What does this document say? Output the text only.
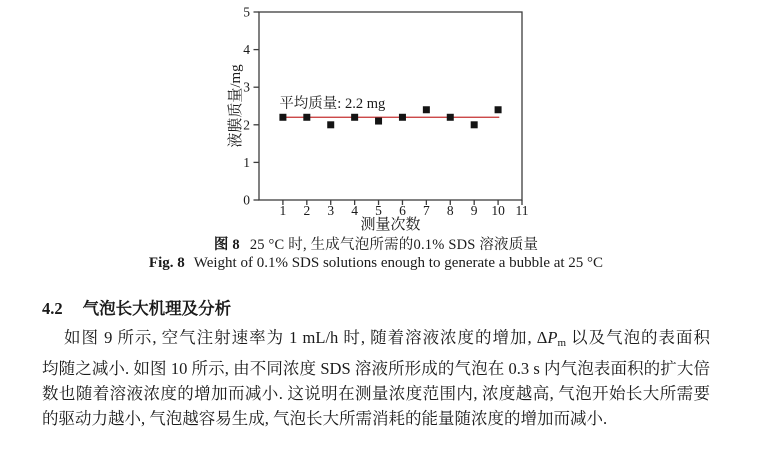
0
1
2
3
4
5
1 2 3 4 5 6 7 8 9 10 11
平均质量: 2.2 mg
测量次数
液膜质量/mg
图 8 25 °C 时, 生成气泡所需的0.1% SDS 溶液质量
Fig. 8 Weight of 0.1% SDS solutions enough to generate a bubble at 25 °C
4.2 气泡长大机理及分析
如图 9 所示, 空气注射速率为 1 mL/h 时, 随着溶液浓度的增加, $\Delta P_m$ 以及气泡的表面积
均随之减小. 如图 10 所示, 由不同浓度 SDS 溶液所形成的气泡在 0.3 s 内气泡表面积的扩大倍
数也随着溶液浓度的增加而减小. 这说明在测量浓度范围内, 浓度越高, 气泡开始长大所需要
的驱动力越小, 气泡越容易生成, 气泡长大所需消耗的能量随浓度的增加而减小.
